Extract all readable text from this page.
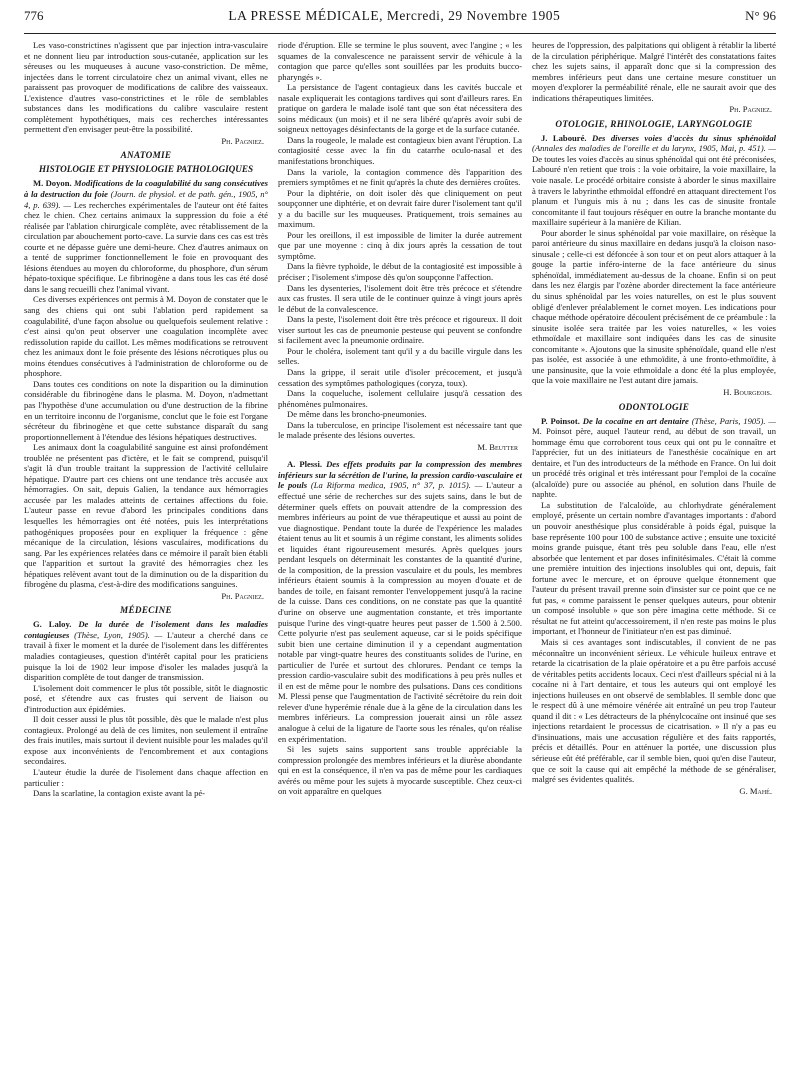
776	LA PRESSE MÉDICALE, Mercredi, 29 Novembre 1905	N° 96

Les vaso-constrictines n'agissent que par injection intra-vasculaire et ne donnent lieu par introduction sous-cutanée, application sur les séreuses ou les muqueuses à aucune vaso-constriction. De même, injectées dans le torrent circulatoire chez un animal vivant, elles ne paraissent pas provoquer de modifications de calibre des vaisseaux. L'existence d'autres vaso-constrictines et le rôle de semblables substances dans les modifications du calibre vasculaire restent complètement hypothétiques, mais ces recherches intéressantes permettent d'en envisager peut-être la possibilité.

Ph. Pagniez.
ANATOMIE
HISTOLOGIE ET PHYSIOLOGIE PATHOLOGIQUES

M. Doyon. Modifications de la coagulabilité du sang consécutives à la destruction du foie (Journ. de physiol. et de path. gén., 1905, n° 4, p. 639). — Les recherches expérimentales de l'auteur ont été faites chez le chien. Chez certains animaux la suppression du foie a été réalisée par l'ablation chirurgicale complète, avec rétablissement de la circulation par abouchement porto-cave. La survie dans ces cas est très courte et ne dépasse guère une demi-heure. Chez d'autres animaux on a tenté de supprimer fonctionnellement le foie en provoquant des lésions étendues au moyen du chloroforme, du phosphore, d'un sérum hépato-toxique spécifique. Le fibrinogène a dans tous les cas été dosé dans le sang recueilli chez l'animal vivant.

Ces diverses expériences ont permis à M. Doyon de constater que le sang des chiens qui ont subi l'ablation perd rapidement sa coagulabilité, d'une façon absolue ou quelquefois seulement relative : c'est ainsi qu'on peut observer une coagulation incomplète avec redissolution rapide du caillot. Les mêmes modifications se retrouvent chez les animaux dont le foie présente des lésions nécrotiques plus ou moins étendues consécutives à l'administration de chloroforme ou de phosphore.

Dans toutes ces conditions on note la disparition ou la diminution considérable du fibrinogène dans le plasma. M. Doyon, n'admettant pas l'hypothèse d'une accumulation ou d'une destruction de la fibrine en un territoire inconnu de l'organisme, conclut que le foie est l'organe sécréteur du fibrinogène et que cette substance disparaît du sang proportionnellement à l'étendue des lésions hépatiques destructives.

Les animaux dont la coagulabilité sanguine est ainsi profondément troublée ne présentent pas d'ictère, et le fait se comprend, puisqu'il s'agit là d'un trouble traitant la suppression de l'activité cellulaire hépatique. D'autre part ces chiens ont une tendance très accusée aux hémorragies. On sait, depuis Galien, la tendance aux hémorragies accusée par les malades atteints de certaines affections du foie. L'auteur passe en revue d'abord les principales conditions dans lesquelles les hémorragies ont été notées, puis les interprétations pathogéniques proposées pour en expliquer la fréquence : gêne mécanique de la circulation, lésions vasculaires, modifications du sang. Par les expériences relatées dans ce mémoire il paraît bien établi que l'apparition et surtout la gravité des hémorragies chez les hépatiques relèvent avant tout de la diminution ou de la disparition du fibrogène du plasma, c'est-à-dire des modifications sanguines.

Ph. Pagniez.
MÉDECINE

G. Laloy. De la durée de l'isolement dans les maladies contagieuses (Thèse, Lyon, 1905). — L'auteur a cherché dans ce travail à fixer le moment et la durée de l'isolement dans les différentes maladies contagieuses, question d'intérêt capital pour les praticiens puisque la loi de 1902 leur impose d'isoler les malades jusqu'à la disparition complète de tout danger de transmission.

L'isolement doit commencer le plus tôt possible, sitôt le diagnostic posé, et s'étendre aux cas frustes qui servent de liaison ou d'introduction aux épidémies.

Il doit cesser aussi le plus tôt possible, dès que le malade n'est plus contagieux. Prolongé au delà de ces limites, non seulement il entraîne des frais inutiles, mais surtout il devient nuisible pour les malades qu'il expose aux inconvénients de l'encombrement et aux contagions secondaires.

L'auteur étudie la durée de l'isolement dans chaque affection en particulier :

Dans la scarlatine, la contagion existe avant la pé-

riode d'éruption. Elle se termine le plus souvent, avec l'angine ; « les squames de la convalescence ne paraissent servir de véhicule à la contagion que parce qu'elles sont souillées par les produits bucco-pharyngés ».

La persistance de l'agent contagieux dans les cavités buccale et nasale expliquerait les contagions tardives qui sont d'ailleurs rares. En pratique on gardera le malade isolé tant que son état nécessitera des soins médicaux (un mois) et il ne sera libéré qu'après avoir subi de soigneux nettoyages désinfectants de la gorge et de la surface cutanée.

Dans la rougeole, le malade est contagieux bien avant l'éruption. La contagiosité cesse avec la fin du catarrhe oculo-nasal et des manifestations bronchiques.

Dans la variole, la contagion commence dès l'apparition des premiers symptômes et ne finit qu'après la chute des dernières croûtes.

Pour la diphtérie, on doit isoler dès que cliniquement on peut soupçonner une diphtérie, et on devrait faire durer l'isolement tant qu'il y a du bacille sur les muqueuses. Pratiquement, trois semaines au maximum.

Pour les oreillons, il est impossible de limiter la durée autrement que par une moyenne : cinq à dix jours après la cessation de tout symptôme.

Dans la fièvre typhoïde, le début de la contagiosité est impossible à préciser ; l'isolement s'impose dès qu'on soupçonne l'affection.

Dans les dysenteries, l'isolement doit être très précoce et s'étendre aux cas frustes. Il sera utile de le continuer quinze à vingt jours après le début de la convalescence.

Dans la peste, l'isolement doit être très précoce et rigoureux. Il doit viser surtout les cas de pneumonie pesteuse qui peuvent se confondre si facilement avec la pneumonie ordinaire.

Pour le choléra, isolement tant qu'il y a du bacille virgule dans les selles.

Dans la grippe, il serait utile d'isoler précocement, et jusqu'à cessation des symptômes pathologiques (coryza, toux).

Dans la coqueluche, isolement cellulaire jusqu'à cessation des phénomènes pulmonaires.

De même dans les broncho-pneumonies.

Dans la tuberculose, en principe l'isolement est nécessaire tant que le malade présente des lésions ouvertes.

M. Beutter

A. Plessi. Des effets produits par la compression des membres inférieurs sur la sécrétion de l'urine, la pression cardio-vasculaire et le pouls (La Riforma medica, 1905, n° 37, p. 1015). — L'auteur a effectué une série de recherches sur des sujets sains, dans le but de déterminer quels effets on pouvait attendre de la compression des membres inférieurs au point de vue thérapeutique et aussi au point de vue diagnostique. Pendant toute la durée de l'expérience les malades étaient tenus au lit et soumis à un régime constant, les aliments solides et liquides étant rigoureusement mesurés. Après quelques jours pendant lesquels on déterminait les constantes de la quantité d'urine, de la composition, de la pression vasculaire et du pouls, les membres inférieurs étaient soumis à la compression au moyen d'ouate et de bandes de toile, en faisant remonter l'enveloppement jusqu'à la racine de la cuisse. Dans ces conditions, on ne constate pas que la quantité d'urine on observe une augmentation constante, et très importante puisque l'urine des vingt-quatre heures peut passer de 1.500 à 2.500. Cette polyurie n'est pas seulement aqueuse, car si le poids spécifique subit bien une certaine diminution il y a cependant augmentation notable par vingt-quatre heures des constituants solides de l'urine, en particulier de l'urée et surtout des chlorures. Pendant ce temps la pression cardio-vasculaire subit des modifications à peu près nulles et il en est de même pour le nombre des pulsations. Dans ces conditions M. Plessi pense que l'augmentation de l'activité sécrétoire du rein doit relever d'une hyperémie rénale due à la gêne de la circulation dans les membres inférieurs. La compression jouerait ainsi un rôle assez analogue à celui de la ligature de l'aorte sous les rénales, qu'on réalise en expérimentation.

Si les sujets sains supportent sans trouble appréciable la compression prolongée des membres inférieurs et la diurèse abondante qui en est la conséquence, il n'en va pas de même pour les cardiaques avérés ou même pour les sujets à myocarde susceptible. Chez ceux-ci on voit apparaître en quelques

heures de l'oppression, des palpitations qui obligent à rétablir la liberté de la circulation périphérique. Malgré l'intérêt des constatations faites chez les sujets sains, il apparaît donc que si la compression des membres inférieurs peut dans une certaine mesure constituer un moyen d'explorer la perméabilité rénale, elle ne saurait avoir que des indications thérapeutiques limitées.

Ph. Pagniez.
OTOLOGIE, RHINOLOGIE, LARYNGOLOGIE

J. Labouré. Des diverses voies d'accès du sinus sphénoïdal (Annales des maladies de l'oreille et du larynx, 1905, Mai, p. 451). — De toutes les voies d'accès au sinus sphénoïdal qui ont été préconisées, Labouré n'en retient que trois : la voie orbitaire, la voie maxillaire, la voie nasale. Le procédé orbitaire consiste à aborder le sinus maxillaire à travers le labyrinthe ethmoïdal effondré en attaquant directement l'os planum et l'unguis mis à nu ; dans les cas de sinusite frontale concomitante il faut toujours réséquer en outre la branche montante du maxillaire supérieur à la manière de Kilian.

Pour aborder le sinus sphénoïdal par voie maxillaire, on résèque la paroi antérieure du sinus maxillaire en dedans jusqu'à la cloison naso-sinusale ; celle-ci est défoncée à son tour et on peut alors attaquer à la gouge la partie inféro-interne de la face antérieure du sinus sphénoïdal, immédiatement au-dessus de la choane. Enfin si on peut dans les nez élargis par l'ozène aborder directement la face antérieure du sinus sphénoïdal par les voies naturelles, on est le plus souvent obligé d'enlever préalablement le cornet moyen. Les indications pour chaque méthode opératoire découlent précisément de ce préambule : la sinusite isolée sera traitée par les voies naturelles, « les voies ethmoïdale et maxillaire sont indiquées dans les cas de sinusite concomitante ». Ajoutons que la sinusite sphénoïdale, quand elle n'est pas isolée, est associée à une ethmoïdite, à une fronto-ethmoïdite, à une pansinusite, que la voie ethmoïdale a donc été la plus employée, que la voie maxillaire ne l'est autant dire jamais.

H. Bourgeois.
ODONTOLOGIE

P. Poinsot. De la cocaïne en art dentaire (Thèse, Paris, 1905). — M. Poinsot père, auquel l'auteur rend, au début de son travail, un hommage ému que corroborent tous ceux qui ont pu le connaître et l'apprécier, fut un des initiateurs de l'anesthésie cocaïnique en art dentaire, et l'un des introducteurs de la méthode en France. On lui doit un procédé très original et très intéressant pour l'emploi de la cocaïne (alcaloïde) pure ou associée au phénol, en solution dans l'huile de naphte.

La substitution de l'alcaloïde, au chlorhydrate généralement employé, présente un certain nombre d'avantages importants : d'abord un pouvoir anesthésique plus considérable à poids égal, puisque la base représente 100 pour 100 de substance active ; ensuite une toxicité moins grande puisque, étant très peu soluble dans l'eau, elle n'est absorbée que lentement et par doses infinitésimales. C'était là comme une première intuition des injections insolubles qui ont, depuis, fait fortune avec le mercure, et on éprouve quelque étonnement que l'auteur du présent travail prenne soin d'insister sur ce point que ce ne fut pas, « comme paraissent le penser quelques auteurs, pour obtenir un composé insoluble » que son père imagina cette méthode. Si ce résultat ne fut atteint qu'accessoirement, il n'en reste pas moins le plus important, et l'honneur de l'initiateur n'en est pas diminué.

Mais si ces avantages sont indiscutables, il convient de ne pas méconnaître un inconvénient sérieux. Le véhicule huileux entrave et retarde la cicatrisation de la plaie opératoire et a pu être parfois accusé de véritables petits accidents locaux. Ceci n'est d'ailleurs spécial ni à la cocaïne ni à l'art dentaire, et tous les auteurs qui ont employé les injections huileuses en ont observé de semblables. Il semble donc que le respect dû à une mémoire vénérée ait entraîné un peu trop l'auteur quand il dit : « Les détracteurs de la phénylcocaïne ont insinué que ses injections retardaient le processus de cicatrisation. » Il n'y a pas eu d'insinuations, mais une accusation régulière et des faits rapportés, précis et détaillés. Pour en atténuer la portée, une discussion plus sérieuse eût été préférable, car il semble bien, quoi qu'en dise l'auteur, que ce soit la cause qui ait empêché la méthode de se généraliser, malgré ses évidentes qualités.

G. Mahé.
